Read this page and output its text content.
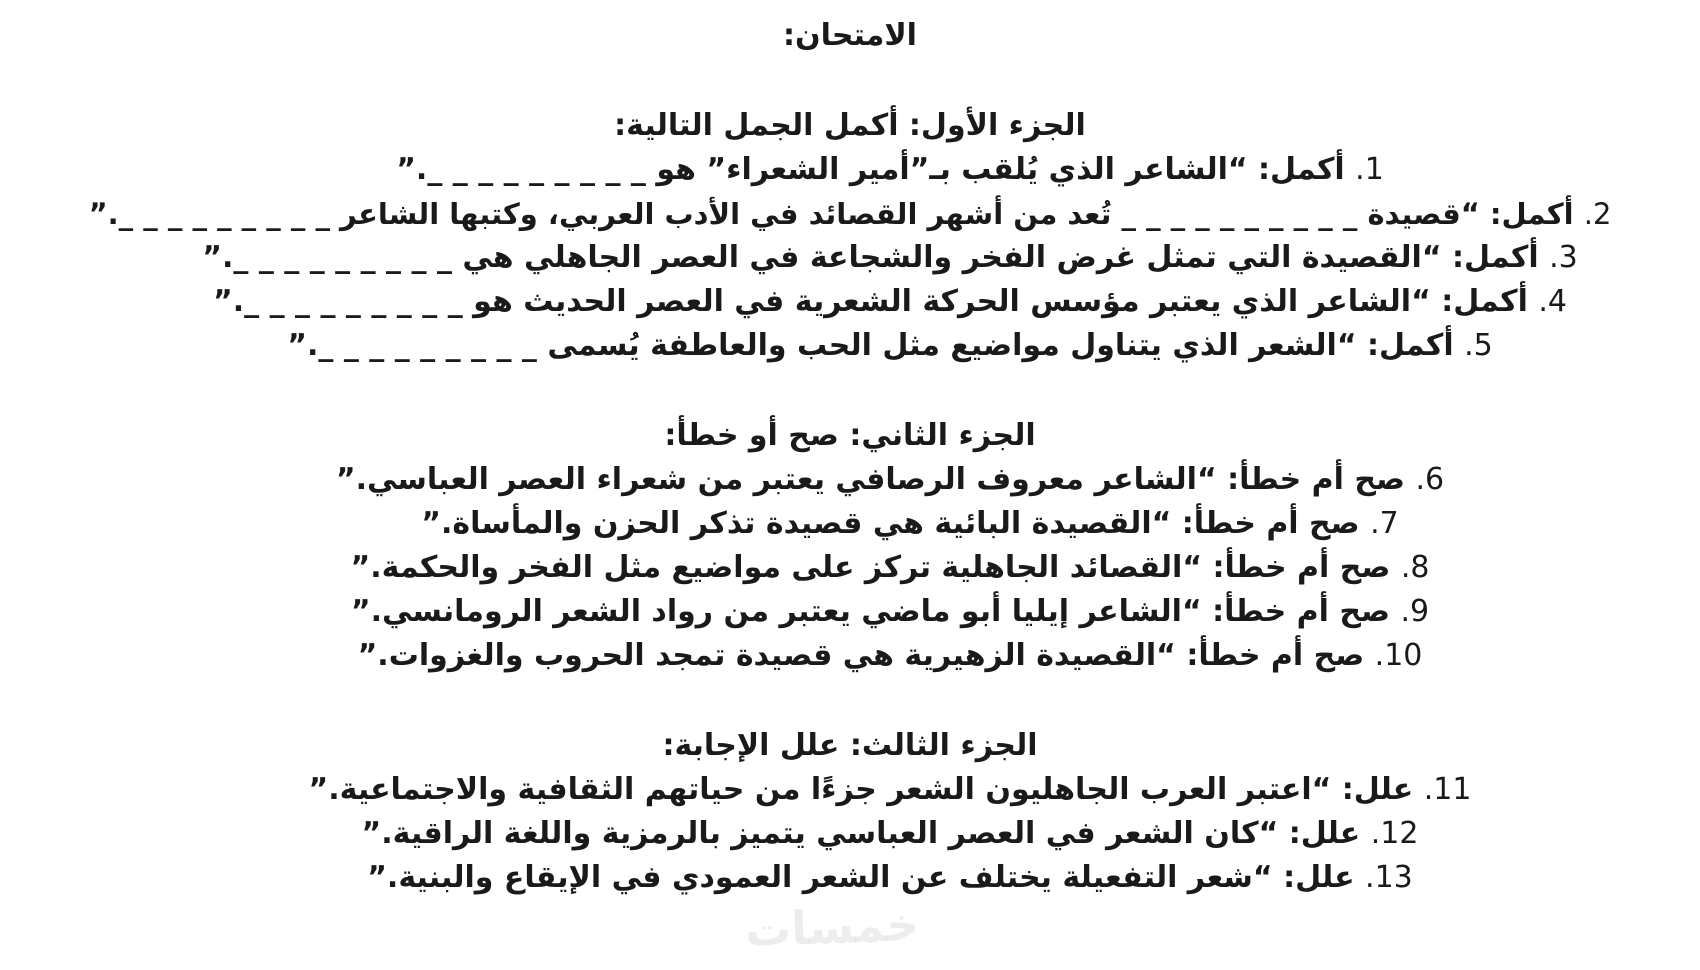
الامتحان:
الجزء الأول: أكمل الجمل التالية:
1. أكمل: “الشاعر الذي يُلقب بـ”أمير الشعراء” هو _ _ _ _ _ _ _ _ _.”
2. أكمل: “قصيدة _ _ _ _ _ _ _ _ _ _ تُعد من أشهر القصائد في الأدب العربي، وكتبها الشاعر _ _ _ _ _ _ _ _ _.”
3. أكمل: “القصيدة التي تمثل غرض الفخر والشجاعة في العصر الجاهلي هي _ _ _ _ _ _ _ _ _.”
4. أكمل: “الشاعر الذي يعتبر مؤسس الحركة الشعرية في العصر الحديث هو _ _ _ _ _ _ _ _ _.”
5. أكمل: “الشعر الذي يتناول مواضيع مثل الحب والعاطفة يُسمى _ _ _ _ _ _ _ _ _.”
الجزء الثاني: صح أو خطأ:
6. صح أم خطأ: “الشاعر معروف الرصافي يعتبر من شعراء العصر العباسي.”
7. صح أم خطأ: “القصيدة البائية هي قصيدة تذكر الحزن والمأساة.”
8. صح أم خطأ: “القصائد الجاهلية تركز على مواضيع مثل الفخر والحكمة.”
9. صح أم خطأ: “الشاعر إيليا أبو ماضي يعتبر من رواد الشعر الرومانسي.”
10. صح أم خطأ: “القصيدة الزهيرية هي قصيدة تمجد الحروب والغزوات.”
الجزء الثالث: علل الإجابة:
11. علل: “اعتبر العرب الجاهليون الشعر جزءًا من حياتهم الثقافية والاجتماعية.”
12. علل: “كان الشعر في العصر العباسي يتميز بالرمزية واللغة الراقية.”
13. علل: “شعر التفعيلة يختلف عن الشعر العمودي في الإيقاع والبنية.”
خمسات
